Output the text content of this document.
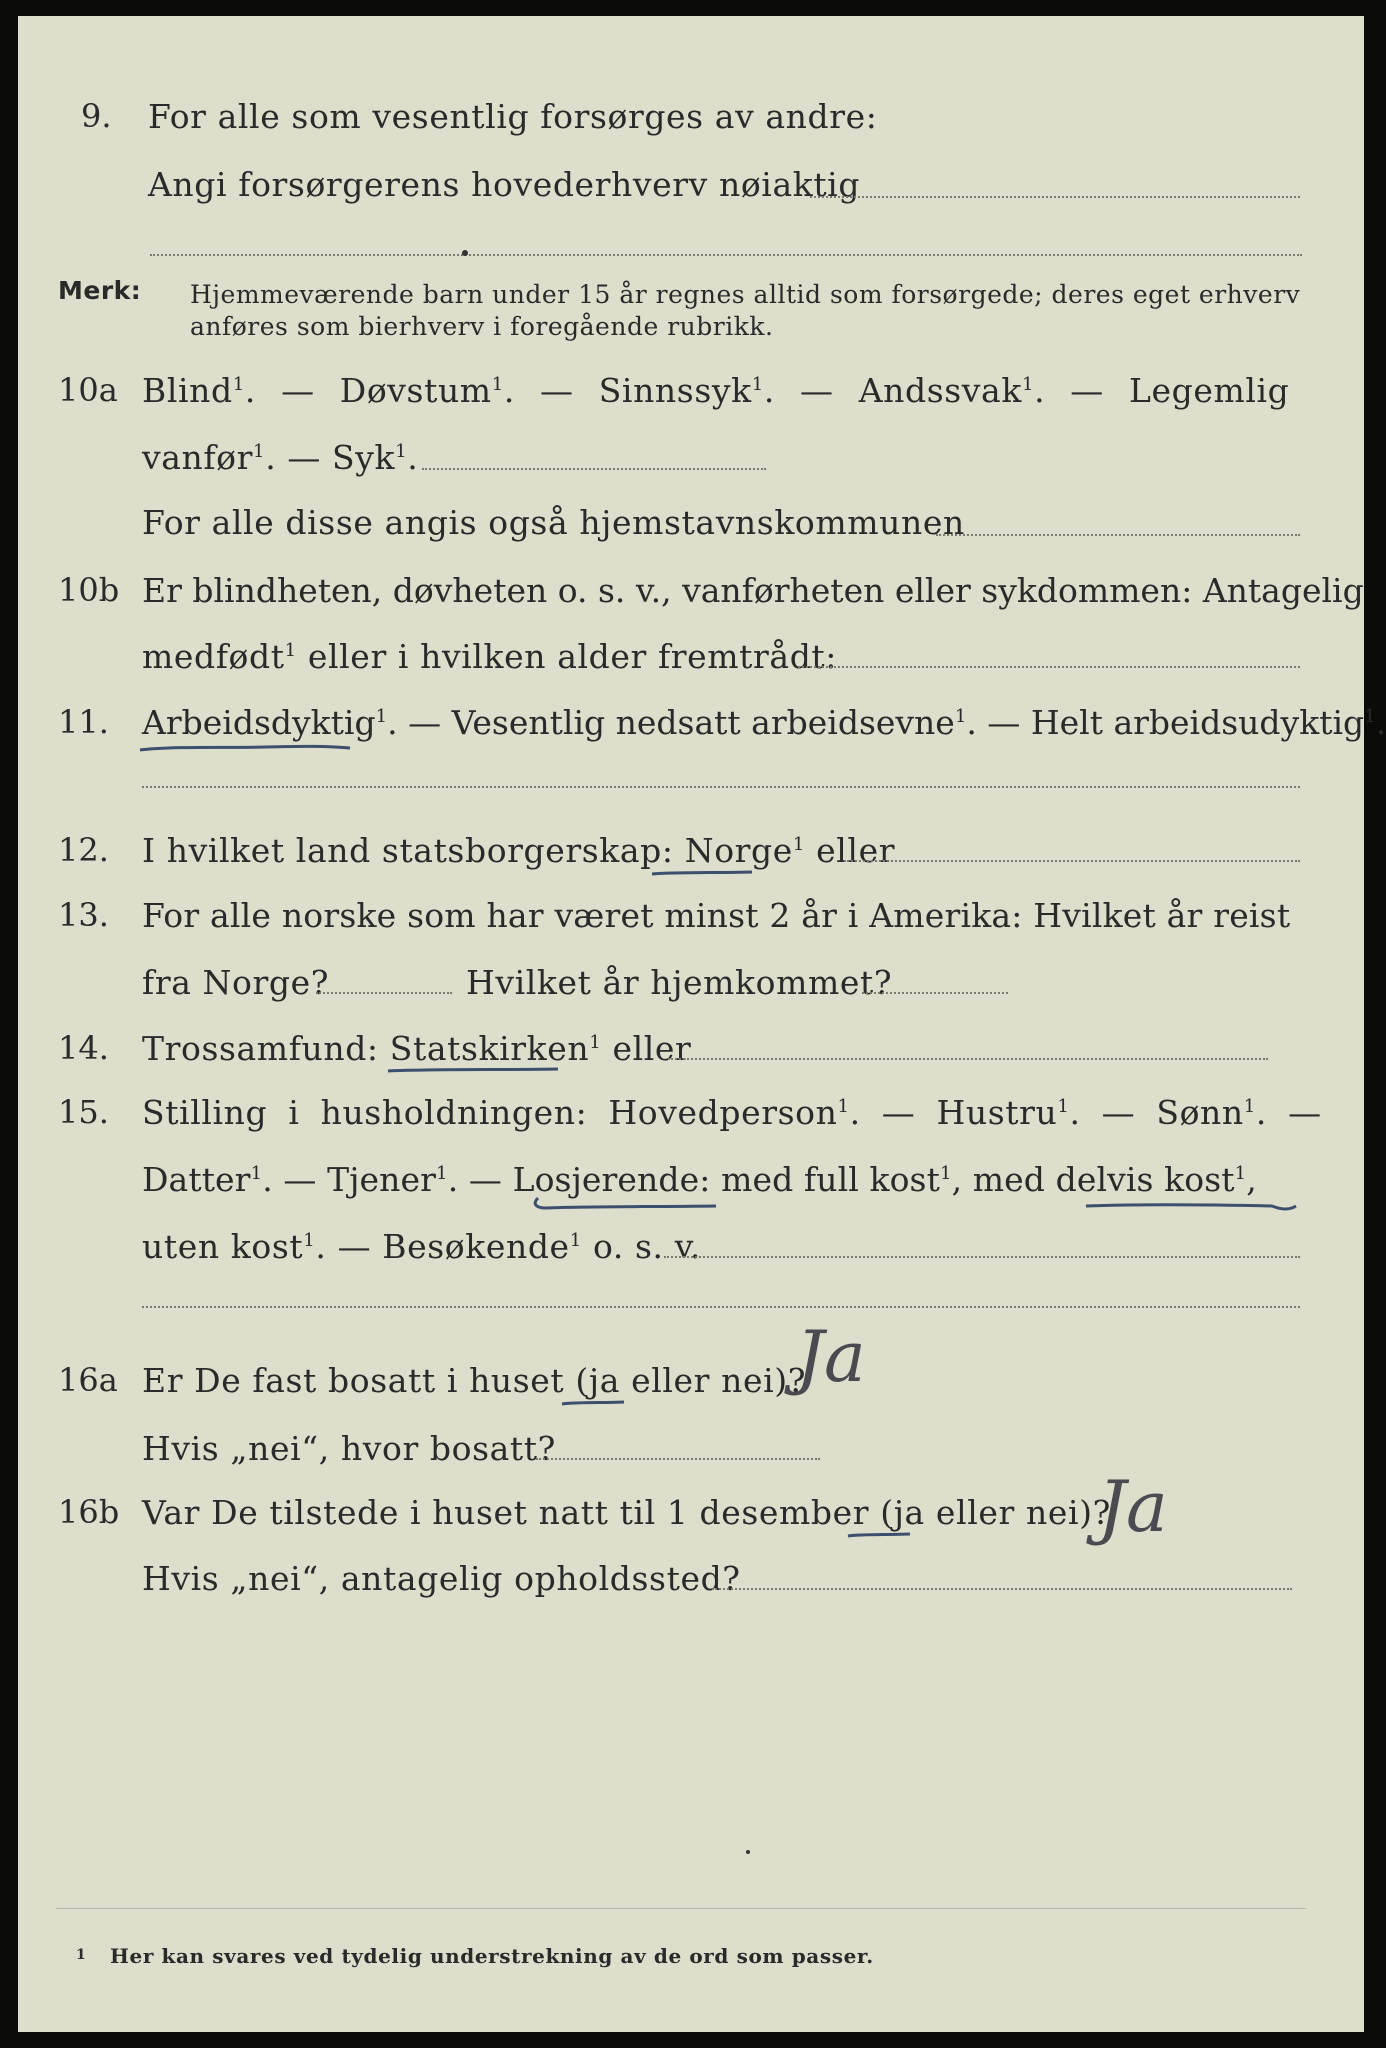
9. For alle som vesentlig forsørges av andre:
Angi forsørgerens hovederhverv nøiaktig
Merk: Hjemmeværende barn under 15 år regnes alltid som forsørgede; deres eget erhverv
anføres som bierhverv i foregående rubrikk.
10a Blind$^1$. — Døvstum$^1$. — Sinnssyk$^1$. — Andssvak$^1$. — Legemlig
vanfør$^1$. — Syk$^1$.
For alle disse angis også hjemstavnskommunen
10b Er blindheten, døvheten o. s. v., vanførheten eller sykdommen: Antagelig
medfødt$^1$ eller i hvilken alder fremtrådt:
11. Arbeidsdyktig$^1$. — Vesentlig nedsatt arbeidsevne$^1$. — Helt arbeidsudyktig$^1$.
12. I hvilket land statsborgerskap: Norge$^1$ eller
13. For alle norske som har været minst 2 år i Amerika: Hvilket år reist
fra Norge?	Hvilket år hjemkommet?
14. Trossamfund: Statskirken$^1$ eller
15. Stilling i husholdningen: Hovedperson$^1$. — Hustru$^1$. — Sønn$^1$. —
Datter$^1$. — Tjener$^1$. — Losjerende: med full kost$^1$, med delvis kost$^1$,
uten kost$^1$. — Besøkende$^1$ o. s. v.
16a Er De fast bosatt i huset (ja eller nei)?
Ja
Hvis „nei“, hvor bosatt?
16b Var De tilstede i huset natt til 1 desember (ja eller nei)?
Ja
Hvis „nei“, antagelig opholdssted?
1 Her kan svares ved tydelig understrekning av de ord som passer.
